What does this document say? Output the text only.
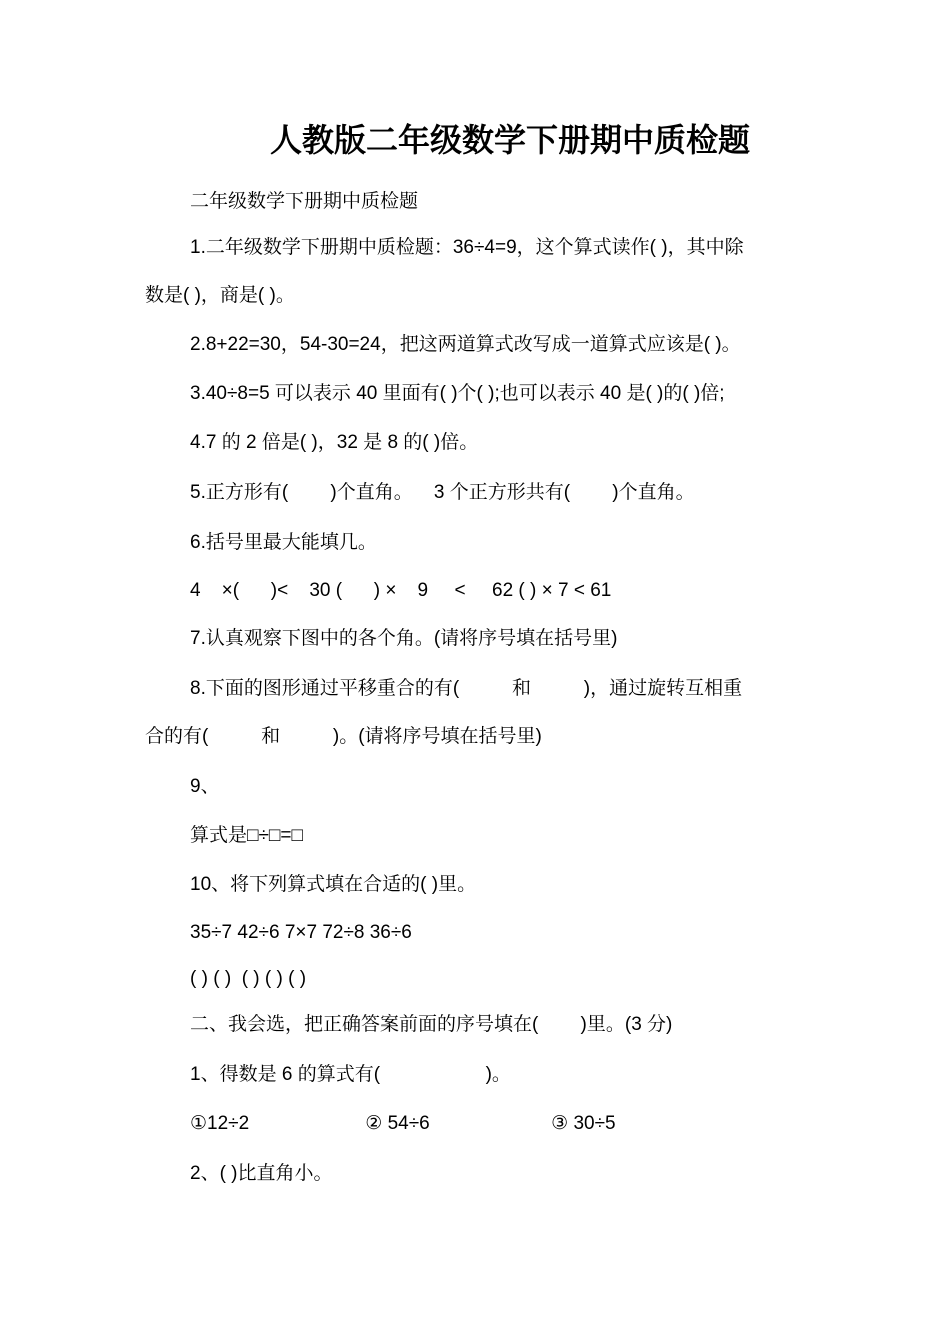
人教版二年级数学下册期中质检题
二年级数学下册期中质检题
1.二年级数学下册期中质检题：36÷4=9，这个算式读作( )，其中除
数是( )，商是( )。
2.8+22=30，54-30=24，把这两道算式改写成一道算式应该是( )。
3.40÷8=5 可以表示 40 里面有( )个( );也可以表示 40 是( )的( )倍;
4.7 的 2 倍是( )，32 是 8 的( )倍。
5.正方形有(        )个直角。    3 个正方形共有(        )个直角。
6.括号里最大能填几。
4    ×(      )<    30 (      ) ×    9     <     62 ( ) × 7 < 61
7.认真观察下图中的各个角。(请将序号填在括号里)
8.下面的图形通过平移重合的有(          和          )，通过旋转互相重
合的有(          和          )。(请将序号填在括号里)
9、
算式是□÷□=□
10、将下列算式填在合适的( )里。
35÷7 42÷6 7×7 72÷8 36÷6
( ) ( )  ( ) ( ) ( )
二、我会选，把正确答案前面的序号填在(        )里。(3 分)
1、得数是 6 的算式有(                    )。
①12÷2                      ② 54÷6                       ③ 30÷5
2、( )比直角小。
